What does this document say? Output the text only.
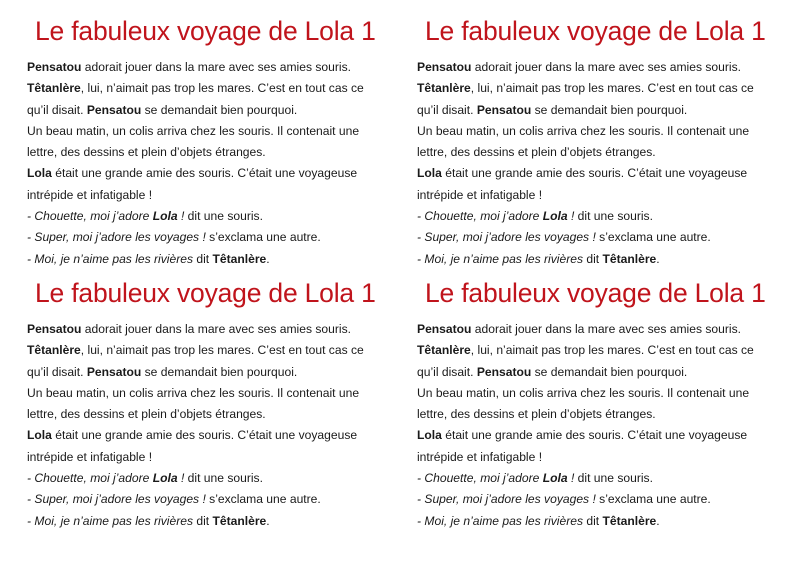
Le fabuleux voyage de Lola 1

Pensatou adorait jouer dans la mare avec ses amies souris.

Têtanlère, lui, n’aimait pas trop les mares. C’est en tout cas ce

qu’il disait. Pensatou se demandait bien pourquoi.

Un beau matin, un colis arriva chez les souris. Il contenait une

lettre, des dessins et plein d’objets étranges.

Lola était une grande amie des souris. C’était une voyageuse

intrépide et infatigable !

- Chouette, moi j’adore Lola ! dit une souris.

- Super, moi j’adore les voyages ! s’exclama une autre.

- Moi, je n’aime pas les rivières dit Têtanlère.

Le fabuleux voyage de Lola 1

Pensatou adorait jouer dans la mare avec ses amies souris.

Têtanlère, lui, n’aimait pas trop les mares. C’est en tout cas ce

qu’il disait. Pensatou se demandait bien pourquoi.

Un beau matin, un colis arriva chez les souris. Il contenait une

lettre, des dessins et plein d’objets étranges.

Lola était une grande amie des souris. C’était une voyageuse

intrépide et infatigable !

- Chouette, moi j’adore Lola ! dit une souris.

- Super, moi j’adore les voyages ! s’exclama une autre.

- Moi, je n’aime pas les rivières dit Têtanlère.

Le fabuleux voyage de Lola 1

Pensatou adorait jouer dans la mare avec ses amies souris.

Têtanlère, lui, n’aimait pas trop les mares. C’est en tout cas ce

qu’il disait. Pensatou se demandait bien pourquoi.

Un beau matin, un colis arriva chez les souris. Il contenait une

lettre, des dessins et plein d’objets étranges.

Lola était une grande amie des souris. C’était une voyageuse

intrépide et infatigable !

- Chouette, moi j’adore Lola ! dit une souris.

- Super, moi j’adore les voyages ! s’exclama une autre.

- Moi, je n’aime pas les rivières dit Têtanlère.

Le fabuleux voyage de Lola 1

Pensatou adorait jouer dans la mare avec ses amies souris.

Têtanlère, lui, n’aimait pas trop les mares. C’est en tout cas ce

qu’il disait. Pensatou se demandait bien pourquoi.

Un beau matin, un colis arriva chez les souris. Il contenait une

lettre, des dessins et plein d’objets étranges.

Lola était une grande amie des souris. C’était une voyageuse

intrépide et infatigable !

- Chouette, moi j’adore Lola ! dit une souris.

- Super, moi j’adore les voyages ! s’exclama une autre.

- Moi, je n’aime pas les rivières dit Têtanlère.
